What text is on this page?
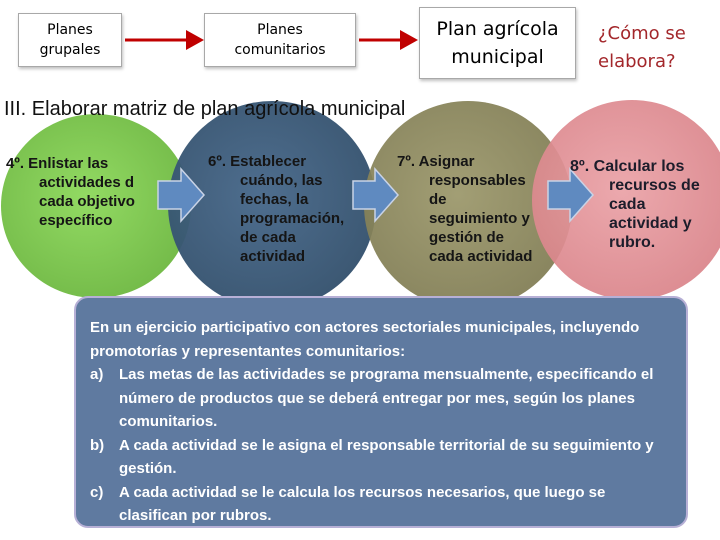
Planes
grupales
Planes
comunitarios
Plan agrícola
municipal
¿Cómo se
elabora?
III. Elaborar matriz de plan agrícola municipal
4º. Enlistar las
actividades d
cada objetivo
específico
6º. Establecer
cuándo, las
fechas, la
programación,
de cada
actividad
7º. Asignar
responsables
de
seguimiento y
gestión de
cada actividad
8º. Calcular los
recursos de
cada
actividad y
rubro.

En un ejercicio participativo con actores sectoriales municipales, incluyendo promotorías y representantes comunitarios:

a)	Las metas de las actividades se programa mensualmente, especificando el número de productos que se deberá entregar por mes, según los planes comunitarios.
b) A cada actividad se le asigna el responsable territorial de su seguimiento y gestión.
c)	A cada actividad se le calcula los recursos necesarios, que luego se clasifican por rubros.
